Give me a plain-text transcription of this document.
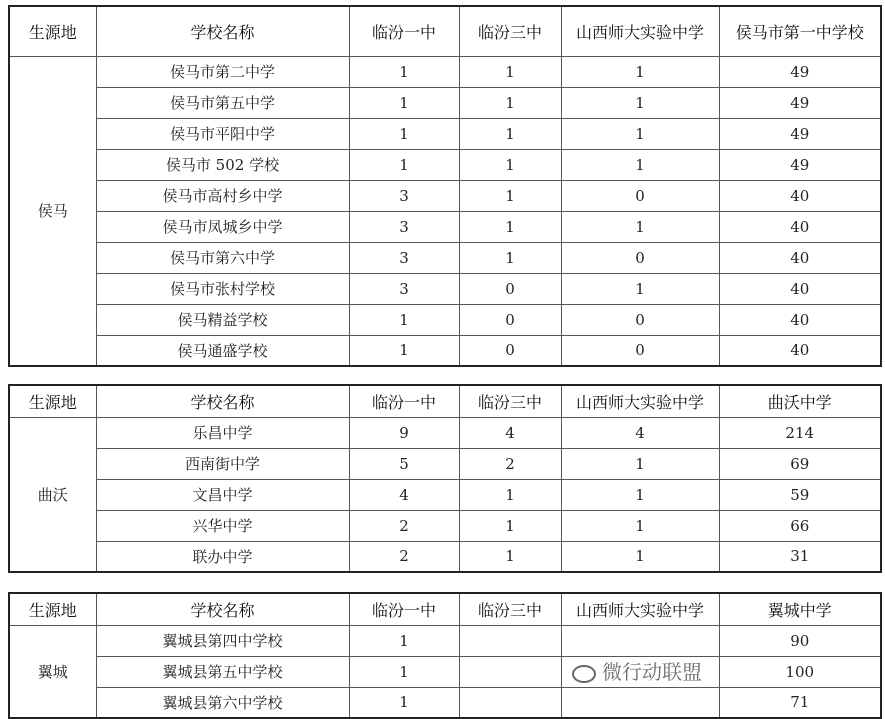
生源地	学校名称	临汾一中	临汾三中	山西师大实验中学	侯马市第一中学校
侯马	侯马市第二中学	1	1	1	49
	侯马市第五中学	1	1	1	49
	侯马市平阳中学	1	1	1	49
	侯马市 502 学校	1	1	1	49
	侯马市高村乡中学	3	1	0	40
	侯马市凤城乡中学	3	1	1	40
	侯马市第六中学	3	1	0	40
	侯马市张村学校	3	0	1	40
	侯马精益学校	1	0	0	40
	侯马通盛学校	1	0	0	40
生源地	学校名称	临汾一中	临汾三中	山西师大实验中学	曲沃中学
曲沃	乐昌中学	9	4	4	214
	西南街中学	5	2	1	69
	文昌中学	4	1	1	59
	兴华中学	2	1	1	66
	联办中学	2	1	1	31
生源地	学校名称	临汾一中	临汾三中	山西师大实验中学	翼城中学
翼城	翼城县第四中学校	1			90
	翼城县第五中学校	1			100
	翼城县第六中学校	1			71
微行动联盟
